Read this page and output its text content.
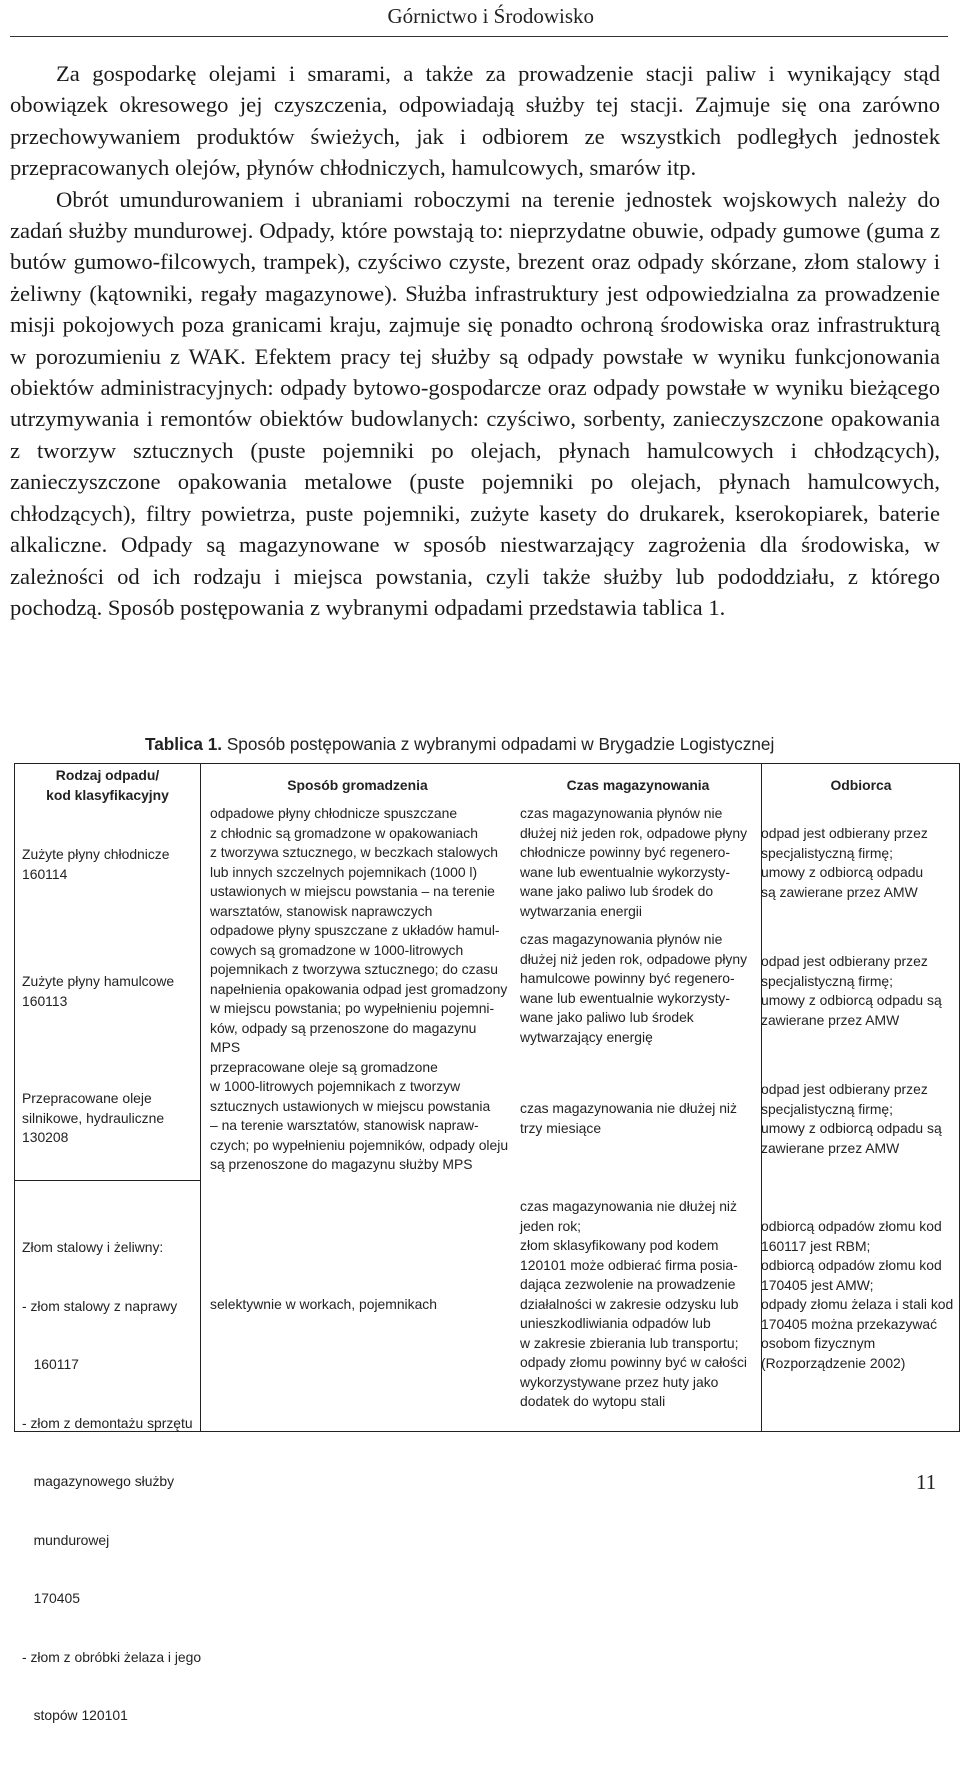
Górnictwo i Środowisko

Za gospodarkę olejami i smarami, a także za prowadzenie stacji paliw i wynikający stąd obowiązek okresowego jej czyszczenia, odpowiadają służby tej stacji. Zajmuje się ona zarówno przechowywaniem produktów świeżych, jak i odbiorem ze wszystkich podległych jednostek przepracowanych olejów, płynów chłodniczych, hamulcowych, smarów itp.

Obrót umundurowaniem i ubraniami roboczymi na terenie jednostek wojskowych należy do zadań służby mundurowej. Odpady, które powstają to: nieprzydatne obuwie, odpady gumowe (guma z butów gumowo-filcowych, trampek), czyściwo czyste, brezent oraz odpady skórzane, złom stalowy i żeliwny (kątowniki, regały magazynowe). Służba infrastruktury jest odpowiedzialna za prowadzenie misji pokojowych poza granicami kraju, zajmuje się ponadto ochroną środowiska oraz infrastrukturą w porozumieniu z WAK. Efektem pracy tej służby są odpady powstałe w wyniku funkcjonowania obiektów administracyjnych: odpady bytowo-gospodarcze oraz odpady powstałe w wyniku bieżącego utrzymywania i remontów obiektów budowlanych: czyściwo, sorbenty, zanieczyszczone opakowania z tworzyw sztucznych (puste pojemniki po olejach, płynach hamulcowych i chłodzących), zanieczyszczone opakowania metalowe (puste pojemniki po olejach, płynach hamulcowych, chłodzących), filtry powietrza, puste pojemniki, zużyte kasety do drukarek, kserokopiarek, baterie alkaliczne. Odpady są magazynowane w sposób niestwarzający zagrożenia dla środowiska, w zależności od ich rodzaju i miejsca powstania, czyli także służby lub pododdziału, z którego pochodzą. Sposób postępowania z wybranymi odpadami przedstawia tablica 1.

Tablica 1. Sposób postępowania z wybranymi odpadami w Brygadzie Logistycznej
Rodzaj odpadu/
kod klasyfikacyjny
Zużyte płyny chłodnicze
160114
Zużyte płyny hamulcowe
160113
Przepracowane oleje
silnikowe, hydrauliczne
130208

Złom stalowy i żeliwny:

- złom stalowy z naprawy

160117

- złom z demontażu sprzętu

magazynowego służby

mundurowej

170405

- złom z obróbki żelaza i jego

stopów 120101

Sposób gromadzenia
odpadowe płyny chłodnicze spuszczane
z chłodnic są gromadzone w opakowaniach
z tworzywa sztucznego, w beczkach stalowych
lub innych szczelnych pojemnikach (1000 l)
ustawionych w miejscu powstania – na terenie
warsztatów, stanowisk naprawczych
odpadowe płyny spuszczane z układów hamul-
cowych są gromadzone w 1000-litrowych
pojemnikach z tworzywa sztucznego; do czasu
napełnienia opakowania odpad jest gromadzony
w miejscu powstania; po wypełnieniu pojemni-
ków, odpady są przenoszone do magazynu
MPS
przepracowane oleje są gromadzone
w 1000-litrowych pojemnikach z tworzyw
sztucznych ustawionych w miejscu powstania
– na terenie warsztatów, stanowisk napraw-
czych; po wypełnieniu pojemników, odpady oleju
są przenoszone do magazynu służby MPS
selektywnie w workach, pojemnikach
Czas magazynowania
czas magazynowania płynów nie
dłużej niż jeden rok, odpadowe płyny
chłodnicze powinny być regenero-
wane lub ewentualnie wykorzysty-
wane jako paliwo lub środek do
wytwarzania energii
czas magazynowania płynów nie
dłużej niż jeden rok, odpadowe płyny
hamulcowe powinny być regenero-
wane lub ewentualnie wykorzysty-
wane jako paliwo lub środek
wytwarzający energię
czas magazynowania nie dłużej niż
trzy miesiące
czas magazynowania nie dłużej niż
jeden rok;
złom sklasyfikowany pod kodem
120101 może odbierać firma posia-
dająca zezwolenie na prowadzenie
działalności w zakresie odzysku lub
unieszkodliwiania odpadów lub
w zakresie zbierania lub transportu;
odpady złomu powinny być w całości
wykorzystywane przez huty jako
dodatek do wytopu stali
Odbiorca
odpad jest odbierany przez
specjalistyczną firmę;
umowy z odbiorcą odpadu
są zawierane przez AMW
odpad jest odbierany przez
specjalistyczną firmę;
umowy z odbiorcą odpadu są
zawierane przez AMW
odpad jest odbierany przez
specjalistyczną firmę;
umowy z odbiorcą odpadu są
zawierane przez AMW
odbiorcą odpadów złomu kod
160117 jest RBM;
odbiorcą odpadów złomu kod
170405 jest AMW;
odpady złomu żelaza i stali kod
170405 można przekazywać
osobom fizycznym
(Rozporządzenie 2002)
11
